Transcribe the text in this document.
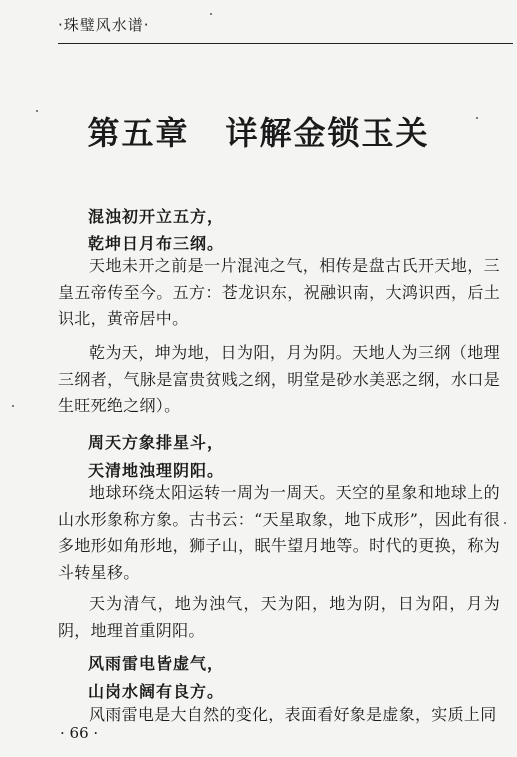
·珠璧风水谱·
第五章 详解金锁玉关
混浊初开立五方，
乾坤日月布三纲。

天地未开之前是一片混沌之气，相传是盘古氏开天地，三皇五帝传至今。五方：苍龙识东，祝融识南，大鸿识西，后土识北，黄帝居中。

乾为天，坤为地，日为阳，月为阴。天地人为三纲（地理三纲者，气脉是富贵贫贱之纲，明堂是砂水美恶之纲，水口是生旺死绝之纲）。

周天方象排星斗，
天清地浊理阴阳。

地球环绕太阳运转一周为一周天。天空的星象和地球上的山水形象称方象。古书云：“天星取象，地下成形”，因此有很多地形如角形地，狮子山，眠牛望月地等。时代的更换，称为斗转星移。

天为清气，地为浊气，天为阳，地为阴，日为阳，月为阴，地理首重阴阳。

风雨雷电皆虚气，
山岗水阔有良方。

风雨雷电是大自然的变化，表面看好象是虚象，实质上同

· 66 ·
